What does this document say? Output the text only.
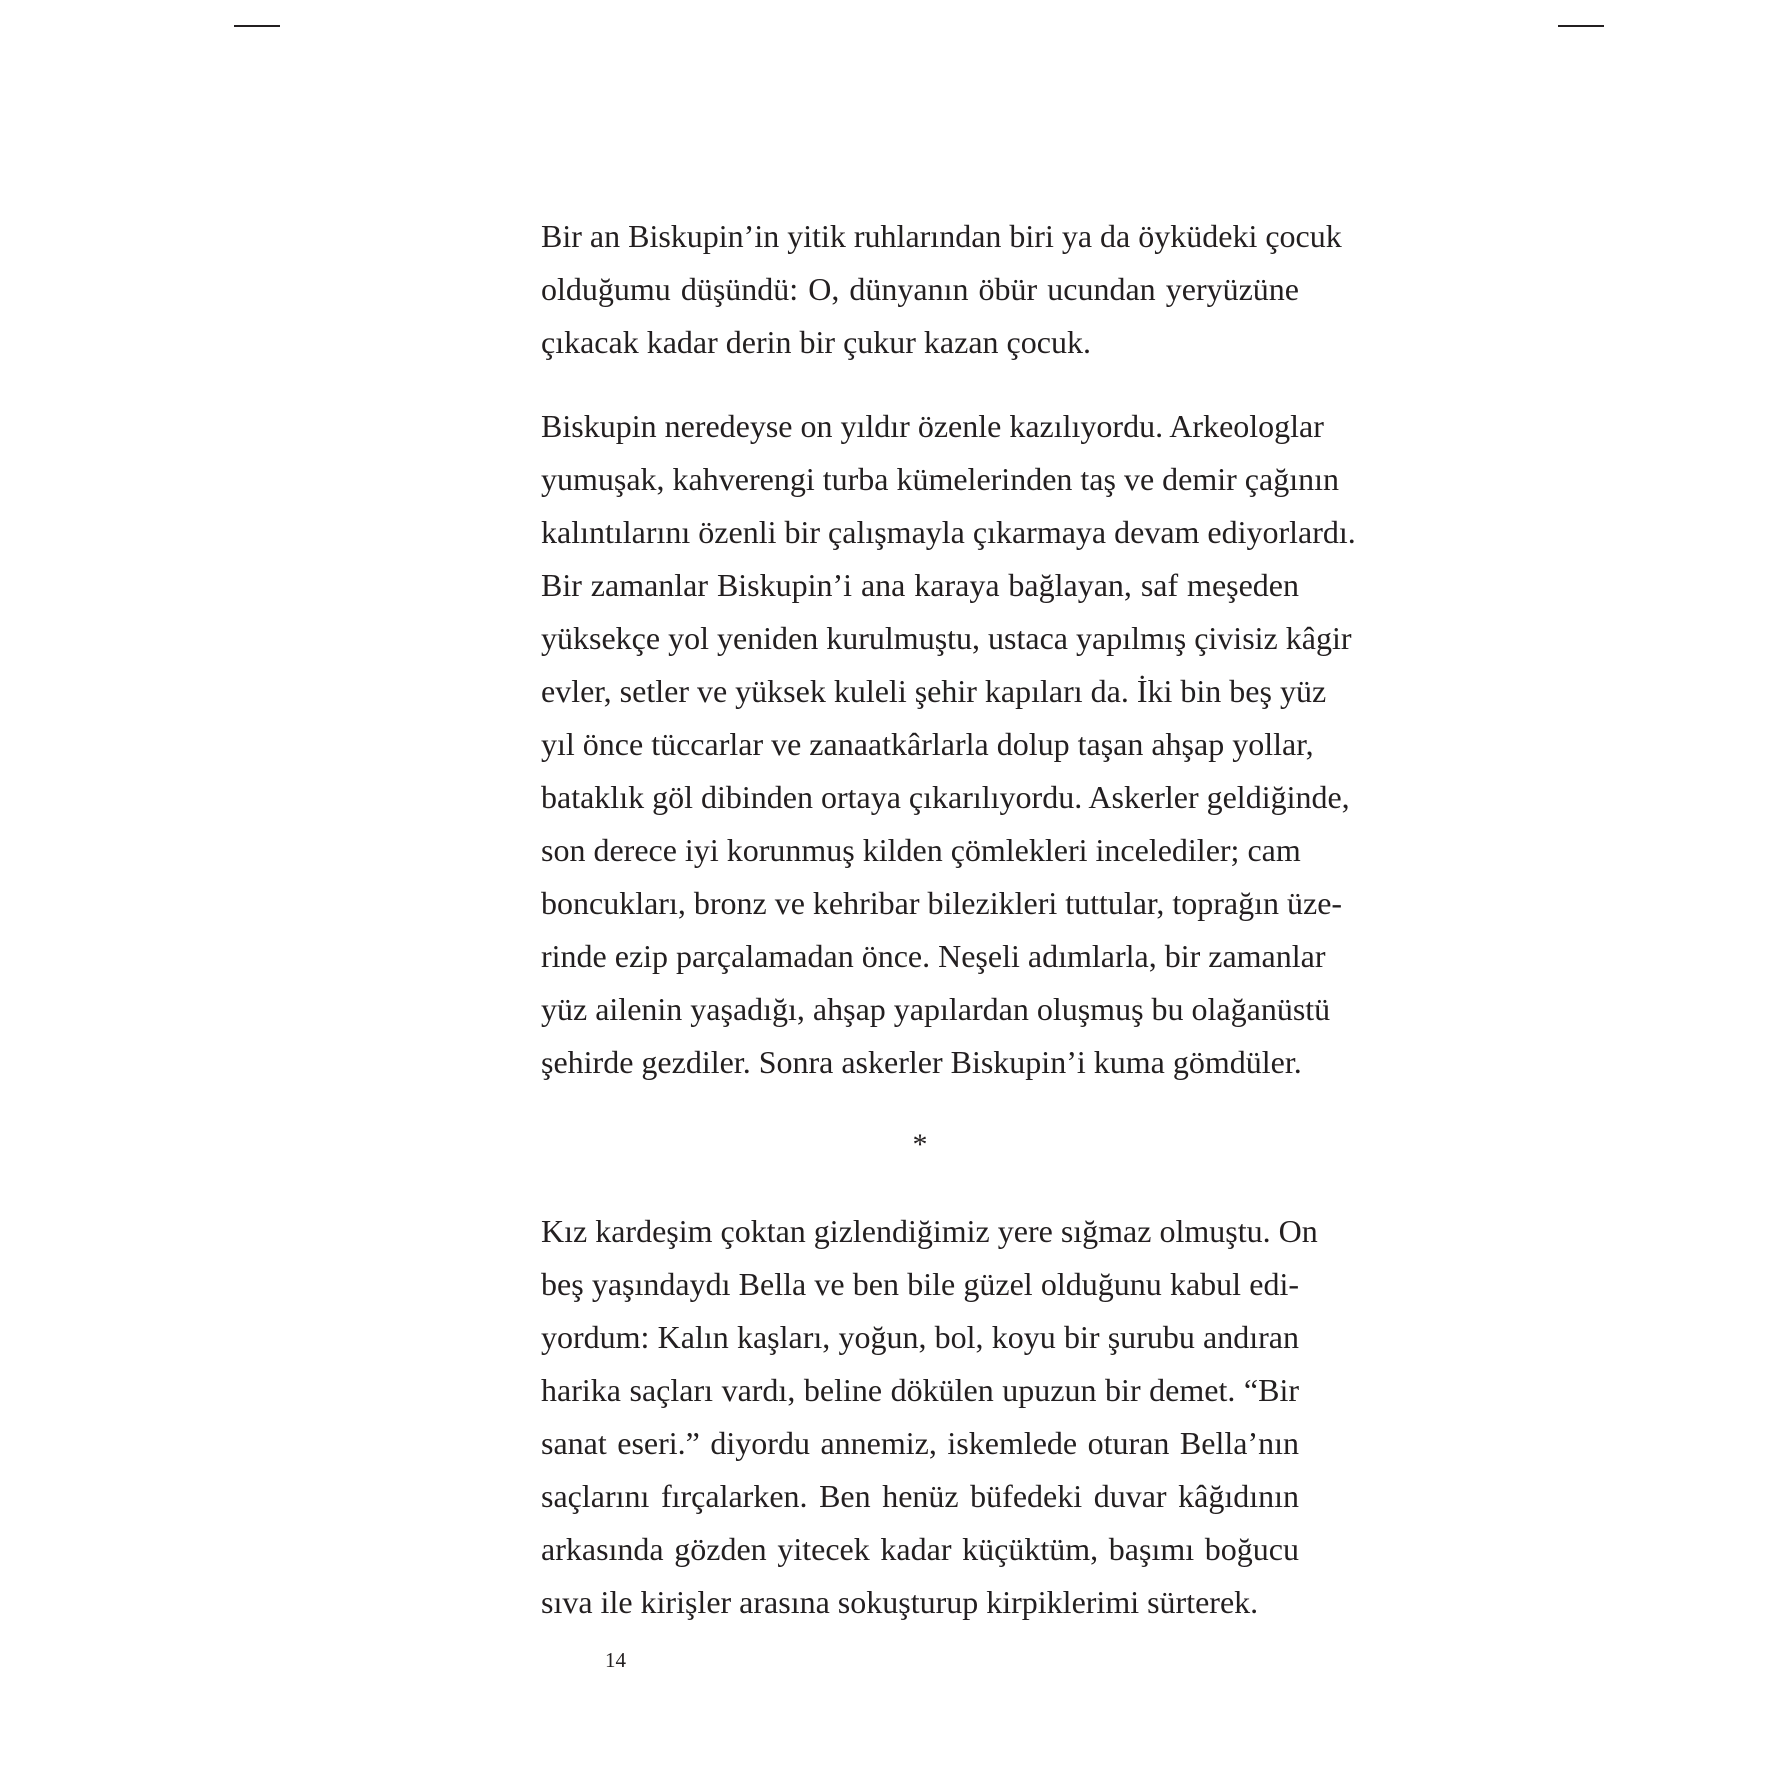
Bir an Biskupin’in yitik ruhlarından biri ya da öyküdeki çocuk
olduğumu düşündü: O, dünyanın öbür ucundan yeryüzüne
çıkacak kadar derin bir çukur kazan çocuk.
Biskupin neredeyse on yıldır özenle kazılıyordu. Arkeologlar
yumuşak, kahverengi turba kümelerinden taş ve demir çağının
kalıntılarını özenli bir çalışmayla çıkarmaya devam ediyorlardı.
Bir zamanlar Biskupin’i ana karaya bağlayan, saf meşeden
yüksekçe yol yeniden kurulmuştu, ustaca yapılmış çivisiz kâgir
evler, setler ve yüksek kuleli şehir kapıları da. İki bin beş yüz
yıl önce tüccarlar ve zanaatkârlarla dolup taşan ahşap yollar,
bataklık göl dibinden ortaya çıkarılıyordu. Askerler geldiğinde,
son derece iyi korunmuş kilden çömlekleri incelediler; cam
boncukları, bronz ve kehribar bilezikleri tuttular, toprağın üze-
rinde ezip parçalamadan önce. Neşeli adımlarla, bir zamanlar
yüz ailenin yaşadığı, ahşap yapılardan oluşmuş bu olağanüstü
şehirde gezdiler. Sonra askerler Biskupin’i kuma gömdüler.
*
Kız kardeşim çoktan gizlendiğimiz yere sığmaz olmuştu. On
beş yaşındaydı Bella ve ben bile güzel olduğunu kabul edi-
yordum: Kalın kaşları, yoğun, bol, koyu bir şurubu andıran
harika saçları vardı, beline dökülen upuzun bir demet. “Bir
sanat eseri.” diyordu annemiz, iskemlede oturan Bella’nın
saçlarını fırçalarken. Ben henüz büfedeki duvar kâğıdının
arkasında gözden yitecek kadar küçüktüm, başımı boğucu
sıva ile kirişler arasına sokuşturup kirpiklerimi sürterek.
14
